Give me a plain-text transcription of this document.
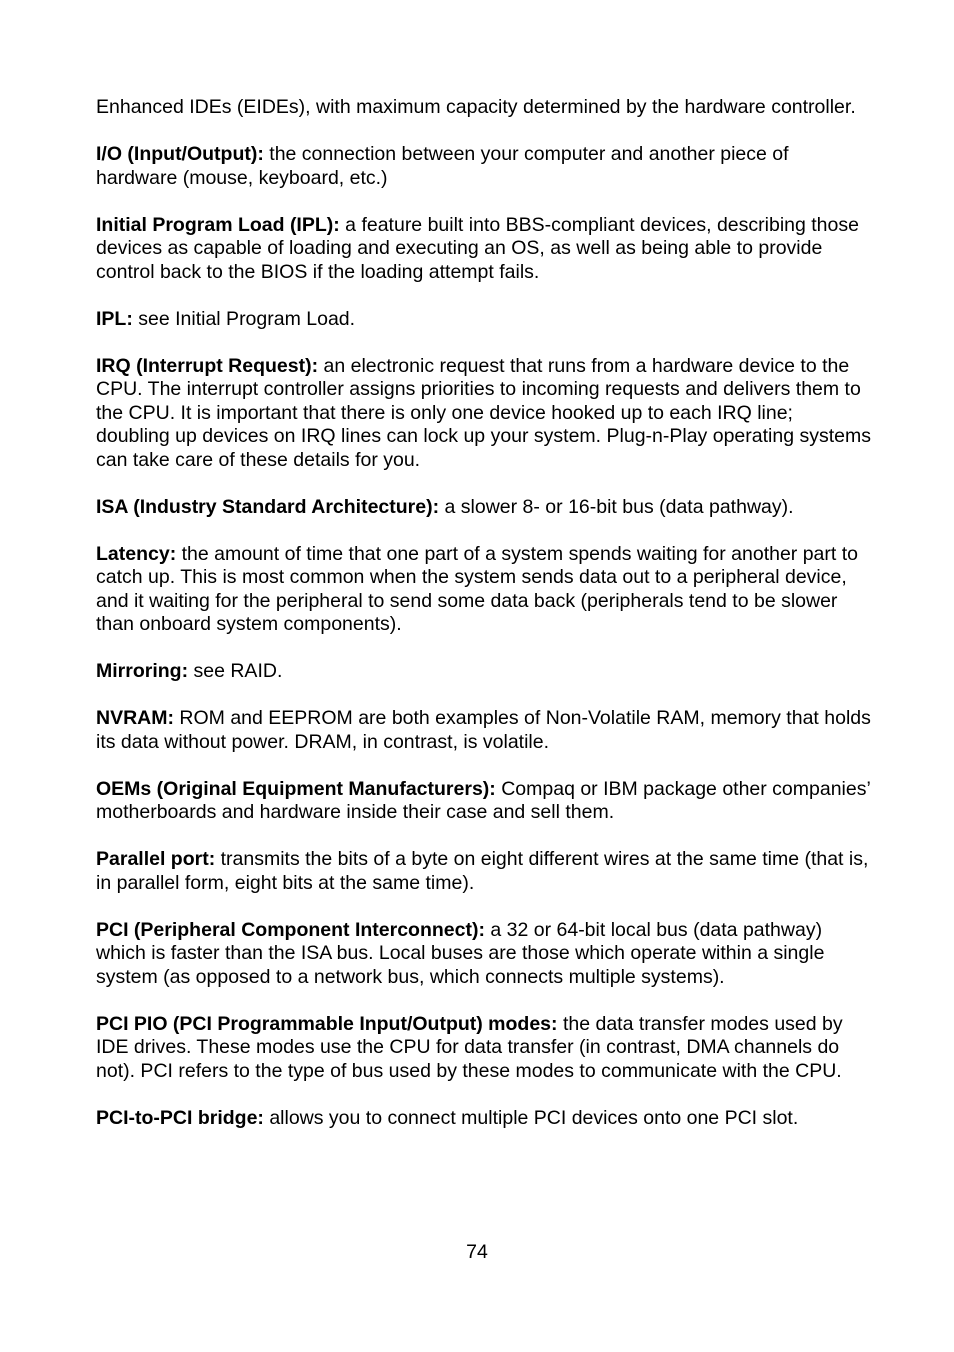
Enhanced IDEs (EIDEs), with maximum capacity determined by the hardware controller.

I/O (Input/Output): the connection between your computer and another piece of hardware (mouse, keyboard, etc.)

Initial Program Load (IPL): a feature built into BBS-compliant devices, describing those devices as capable of loading and executing an OS, as well as being able to provide control back to the BIOS if the loading attempt fails.

IPL: see Initial Program Load.

IRQ (Interrupt Request): an electronic request that runs from a hardware device to the CPU. The interrupt controller assigns priorities to incoming requests and delivers them to the CPU. It is important that there is only one device hooked up to each IRQ line; doubling up devices on IRQ lines can lock up your system. Plug-n-Play operating systems can take care of these details for you.

ISA (Industry Standard Architecture): a slower 8- or 16-bit bus (data pathway).

Latency: the amount of time that one part of a system spends waiting for another part to catch up. This is most common when the system sends data out to a peripheral device, and it waiting for the peripheral to send some data back (peripherals tend to be slower than onboard system components).

Mirroring: see RAID.

NVRAM: ROM and EEPROM are both examples of Non-Volatile RAM, memory that holds its data without power. DRAM, in contrast, is volatile.

OEMs (Original Equipment Manufacturers): Compaq or IBM package other companies’ motherboards and hardware inside their case and sell them.

Parallel port: transmits the bits of a byte on eight different wires at the same time (that is, in parallel form, eight bits at the same time).

PCI (Peripheral Component Interconnect): a 32 or 64-bit local bus (data pathway) which is faster than the ISA bus. Local buses are those which operate within a single system (as opposed to a network bus, which connects multiple systems).

PCI PIO (PCI Programmable Input/Output) modes: the data transfer modes used by IDE drives. These modes use the CPU for data transfer (in contrast, DMA channels do not). PCI refers to the type of bus used by these modes to communicate with the CPU.

PCI-to-PCI bridge: allows you to connect multiple PCI devices onto one PCI slot.

74
